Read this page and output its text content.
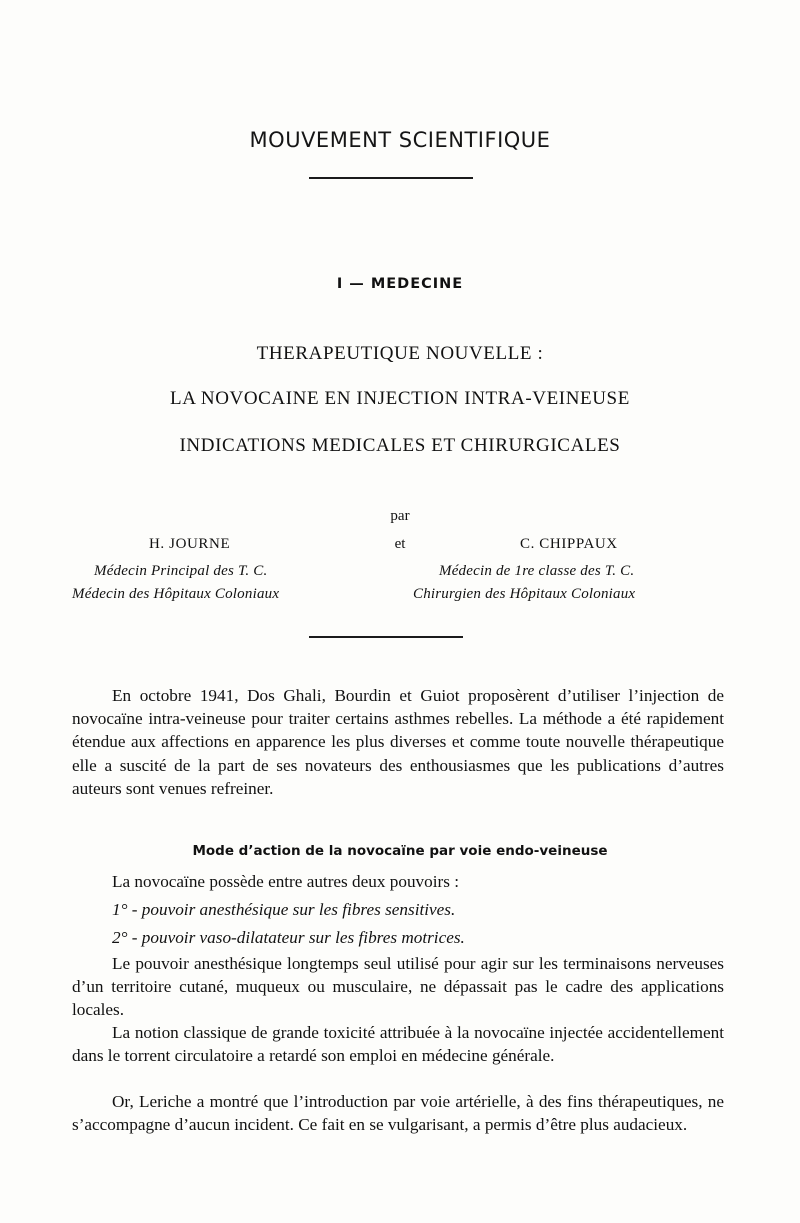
MOUVEMENT SCIENTIFIQUE
I — MEDECINE
THERAPEUTIQUE NOUVELLE :
LA NOVOCAINE EN INJECTION INTRA-VEINEUSE
INDICATIONS MEDICALES ET CHIRURGICALES
par
et
H. JOURNE	C. CHIPPAUX
Médecin Principal des T. C.
Médecin des Hôpitaux Coloniaux
Médecin de 1re classe des T. C.
Chirurgien des Hôpitaux Coloniaux
En octobre 1941, Dos Ghali, Bourdin et Guiot proposèrent d’utiliser l’injection de novocaïne intra-veineuse pour traiter certains asthmes rebelles. La méthode a été rapidement étendue aux affections en apparence les plus diverses et comme toute nouvelle thérapeutique elle a suscité de la part de ses novateurs des enthousiasmes que les publications d’autres auteurs sont venues refreiner.
Mode d’action de la novocaïne par voie endo-veineuse
La novocaïne possède entre autres deux pouvoirs :
1° - pouvoir anesthésique sur les fibres sensitives.
2° - pouvoir vaso-dilatateur sur les fibres motrices.
Le pouvoir anesthésique longtemps seul utilisé pour agir sur les terminaisons nerveuses d’un territoire cutané, muqueux ou musculaire, ne dépassait pas le cadre des applications locales.
La notion classique de grande toxicité attribuée à la novocaïne injectée accidentellement dans le torrent circulatoire a retardé son emploi en médecine générale.
Or, Leriche a montré que l’introduction par voie artérielle, à des fins thérapeutiques, ne s’accompagne d’aucun incident. Ce fait en se vulgarisant, a permis d’être plus audacieux.
